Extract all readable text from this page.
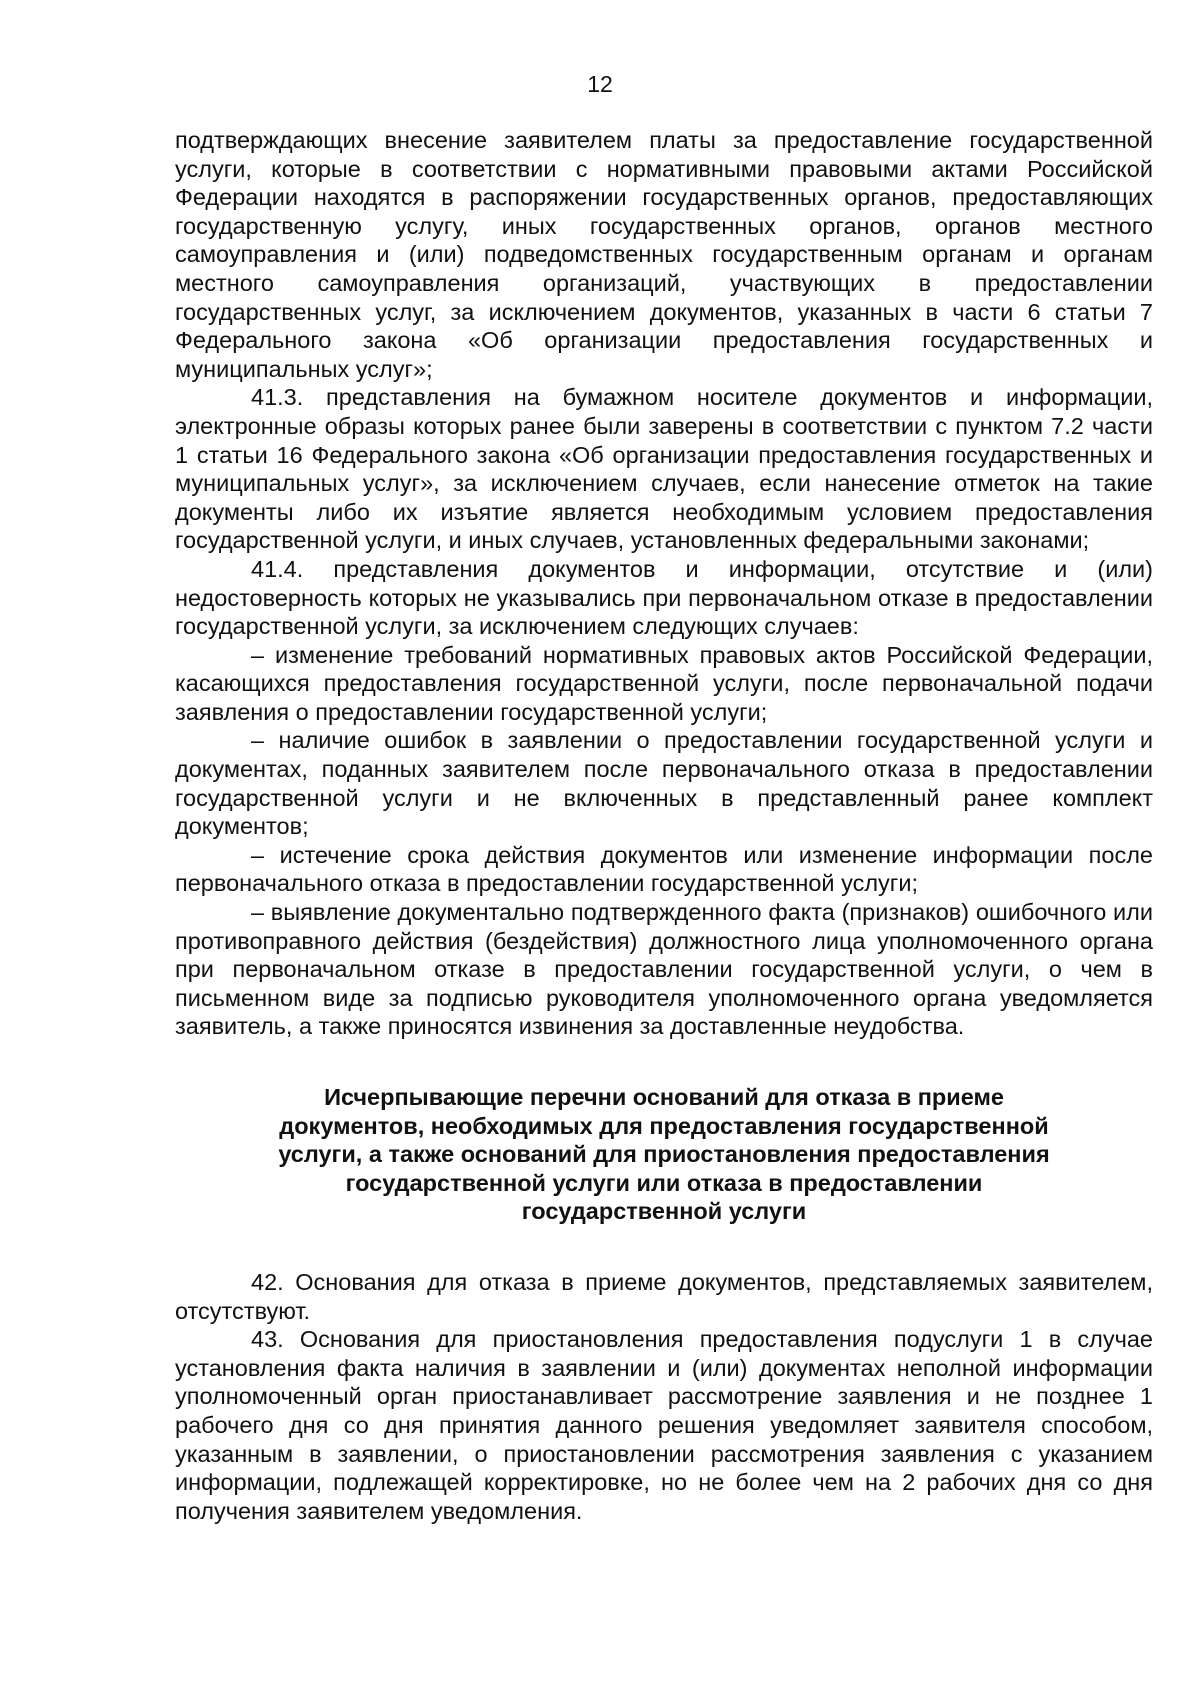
12

подтверждающих внесение заявителем платы за предоставление государственной услуги, которые в соответствии с нормативными правовыми актами Российской Федерации находятся в распоряжении государственных органов, предоставляющих государственную услугу, иных государственных органов, органов местного самоуправления и (или) подведомственных государственным органам и органам местного самоуправления организаций, участвующих в предоставлении государственных услуг, за исключением документов, указанных в части 6 статьи 7 Федерального закона «Об организации предоставления государственных и муниципальных услуг»;

41.3. представления на бумажном носителе документов и информации, электронные образы которых ранее были заверены в соответствии с пунктом 7.2 части 1 статьи 16 Федерального закона «Об организации предоставления государственных и муниципальных услуг», за исключением случаев, если нанесение отметок на такие документы либо их изъятие является необходимым условием предоставления государственной услуги, и иных случаев, установленных федеральными законами;

41.4. представления документов и информации, отсутствие и (или) недостоверность которых не указывались при первоначальном отказе в предоставлении государственной услуги, за исключением следующих случаев:

– изменение требований нормативных правовых актов Российской Федерации, касающихся предоставления государственной услуги, после первоначальной подачи заявления о предоставлении государственной услуги;

– наличие ошибок в заявлении о предоставлении государственной услуги и документах, поданных заявителем после первоначального отказа в предоставлении государственной услуги и не включенных в представленный ранее комплект документов;

– истечение срока действия документов или изменение информации после первоначального отказа в предоставлении государственной услуги;

– выявление документально подтвержденного факта (признаков) ошибочного или противоправного действия (бездействия) должностного лица уполномоченного органа при первоначальном отказе в предоставлении государственной услуги, о чем в письменном виде за подписью руководителя уполномоченного органа уведомляется заявитель, а также приносятся извинения за доставленные неудобства.

Исчерпывающие перечни оснований для отказа в приеме документов, необходимых для предоставления государственной услуги, а также оснований для приостановления предоставления государственной услуги или отказа в предоставлении государственной услуги

42. Основания для отказа в приеме документов, представляемых заявителем, отсутствуют.

43. Основания для приостановления предоставления подуслуги 1 в случае установления факта наличия в заявлении и (или) документах неполной информации уполномоченный орган приостанавливает рассмотрение заявления и не позднее 1 рабочего дня со дня принятия данного решения уведомляет заявителя способом, указанным в заявлении, о приостановлении рассмотрения заявления с указанием информации, подлежащей корректировке, но не более чем на 2 рабочих дня со дня получения заявителем уведомления.
